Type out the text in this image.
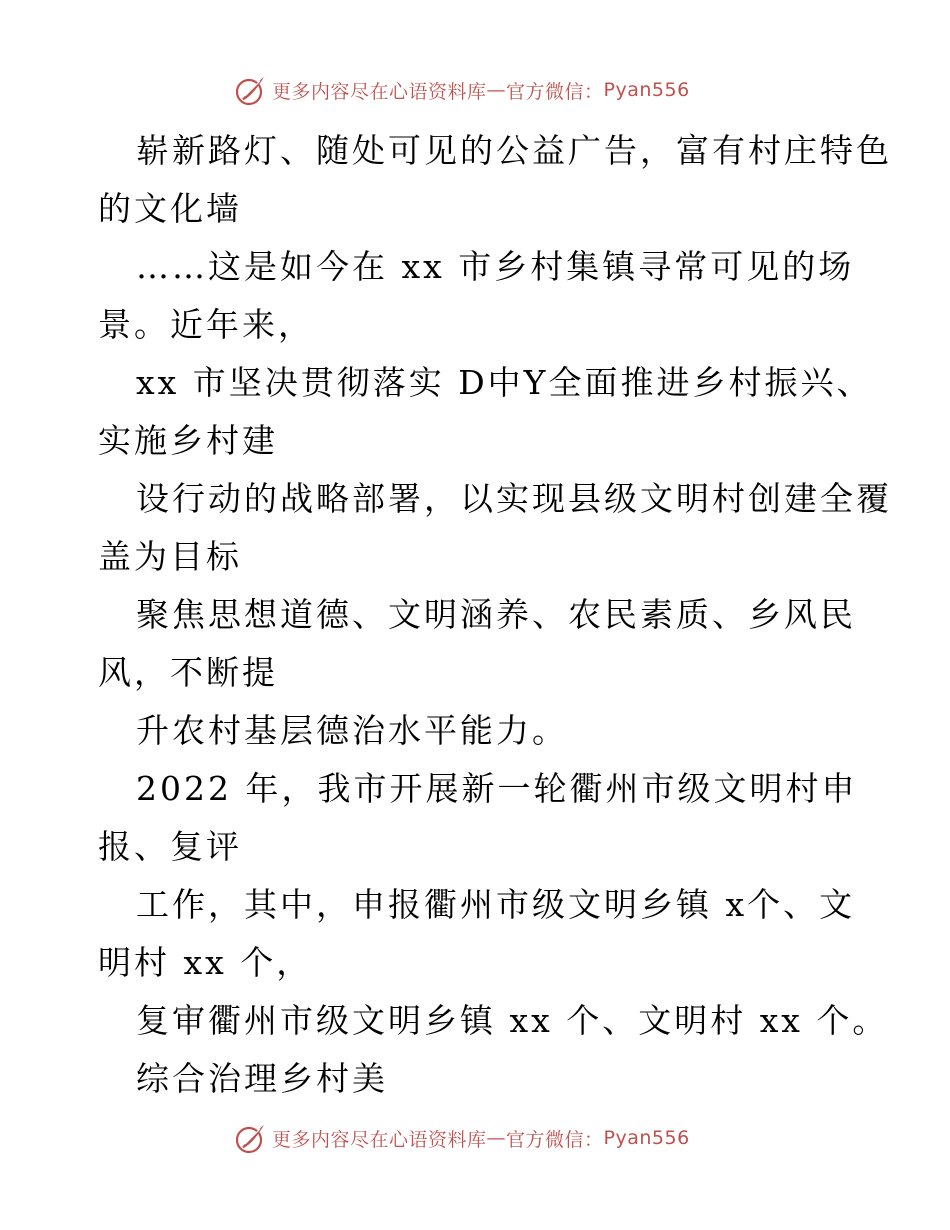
更多内容尽在心语资料库 — 官方微信： Pyan556
崭新路灯、随处可见的公益广告，富有村庄特色
的文化墙
……这是如今在 xx 市乡村集镇寻常可见的场
景。近年来，
xx 市坚决贯彻落实 D中Y全面推进乡村振兴、
实施乡村建
设行动的战略部署，以实现县级文明村创建全覆
盖为目标
聚焦思想道德、文明涵养、农民素质、乡风民
风，不断提
升农村基层德治水平能力。
2022 年，我市开展新一轮衢州市级文明村申
报、复评
工作，其中，申报衢州市级文明乡镇 x个、文
明村 xx 个，
复审衢州市级文明乡镇 xx 个、文明村 xx 个。
综合治理乡村美
更多内容尽在心语资料库 — 官方微信： Pyan556
